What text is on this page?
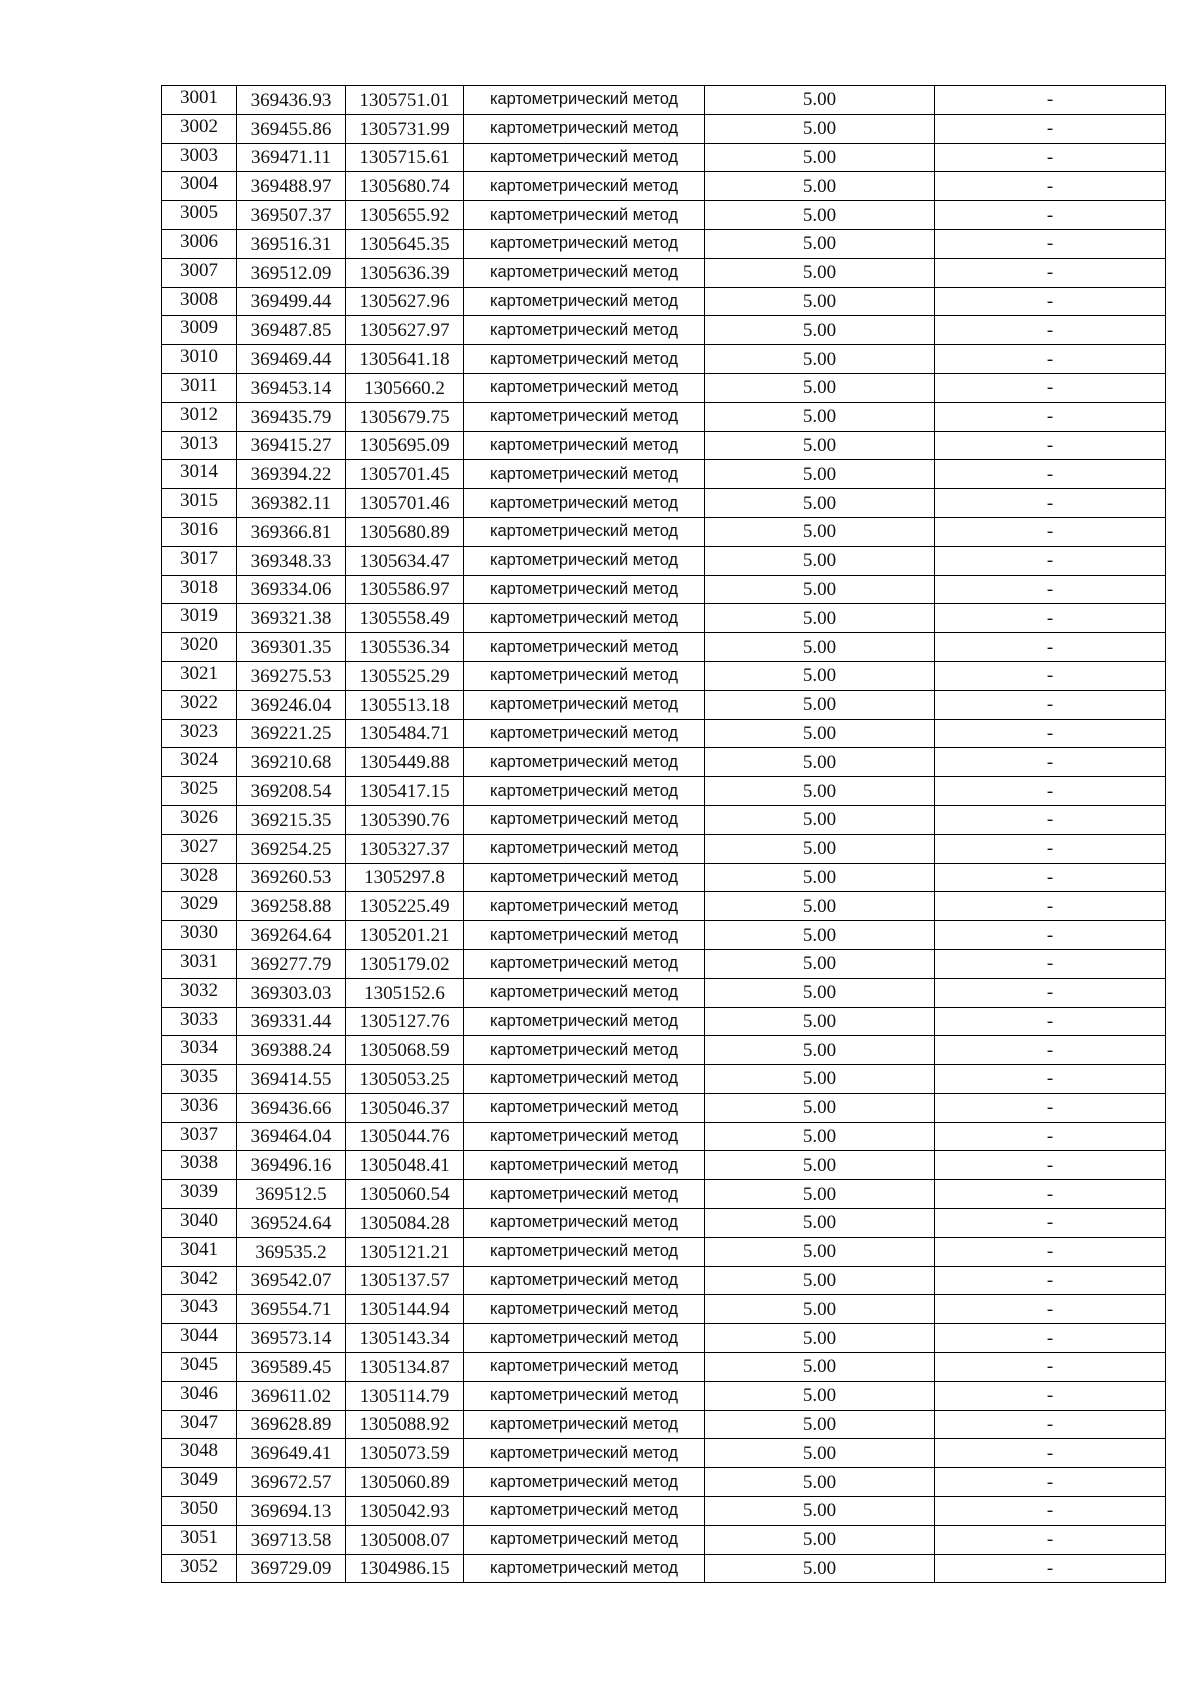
3001	369436.93	1305751.01	картометрический метод	5.00	-
3002	369455.86	1305731.99	картометрический метод	5.00	-
3003	369471.11	1305715.61	картометрический метод	5.00	-
3004	369488.97	1305680.74	картометрический метод	5.00	-
3005	369507.37	1305655.92	картометрический метод	5.00	-
3006	369516.31	1305645.35	картометрический метод	5.00	-
3007	369512.09	1305636.39	картометрический метод	5.00	-
3008	369499.44	1305627.96	картометрический метод	5.00	-
3009	369487.85	1305627.97	картометрический метод	5.00	-
3010	369469.44	1305641.18	картометрический метод	5.00	-
3011	369453.14	1305660.2	картометрический метод	5.00	-
3012	369435.79	1305679.75	картометрический метод	5.00	-
3013	369415.27	1305695.09	картометрический метод	5.00	-
3014	369394.22	1305701.45	картометрический метод	5.00	-
3015	369382.11	1305701.46	картометрический метод	5.00	-
3016	369366.81	1305680.89	картометрический метод	5.00	-
3017	369348.33	1305634.47	картометрический метод	5.00	-
3018	369334.06	1305586.97	картометрический метод	5.00	-
3019	369321.38	1305558.49	картометрический метод	5.00	-
3020	369301.35	1305536.34	картометрический метод	5.00	-
3021	369275.53	1305525.29	картометрический метод	5.00	-
3022	369246.04	1305513.18	картометрический метод	5.00	-
3023	369221.25	1305484.71	картометрический метод	5.00	-
3024	369210.68	1305449.88	картометрический метод	5.00	-
3025	369208.54	1305417.15	картометрический метод	5.00	-
3026	369215.35	1305390.76	картометрический метод	5.00	-
3027	369254.25	1305327.37	картометрический метод	5.00	-
3028	369260.53	1305297.8	картометрический метод	5.00	-
3029	369258.88	1305225.49	картометрический метод	5.00	-
3030	369264.64	1305201.21	картометрический метод	5.00	-
3031	369277.79	1305179.02	картометрический метод	5.00	-
3032	369303.03	1305152.6	картометрический метод	5.00	-
3033	369331.44	1305127.76	картометрический метод	5.00	-
3034	369388.24	1305068.59	картометрический метод	5.00	-
3035	369414.55	1305053.25	картометрический метод	5.00	-
3036	369436.66	1305046.37	картометрический метод	5.00	-
3037	369464.04	1305044.76	картометрический метод	5.00	-
3038	369496.16	1305048.41	картометрический метод	5.00	-
3039	369512.5	1305060.54	картометрический метод	5.00	-
3040	369524.64	1305084.28	картометрический метод	5.00	-
3041	369535.2	1305121.21	картометрический метод	5.00	-
3042	369542.07	1305137.57	картометрический метод	5.00	-
3043	369554.71	1305144.94	картометрический метод	5.00	-
3044	369573.14	1305143.34	картометрический метод	5.00	-
3045	369589.45	1305134.87	картометрический метод	5.00	-
3046	369611.02	1305114.79	картометрический метод	5.00	-
3047	369628.89	1305088.92	картометрический метод	5.00	-
3048	369649.41	1305073.59	картометрический метод	5.00	-
3049	369672.57	1305060.89	картометрический метод	5.00	-
3050	369694.13	1305042.93	картометрический метод	5.00	-
3051	369713.58	1305008.07	картометрический метод	5.00	-
3052	369729.09	1304986.15	картометрический метод	5.00	-
